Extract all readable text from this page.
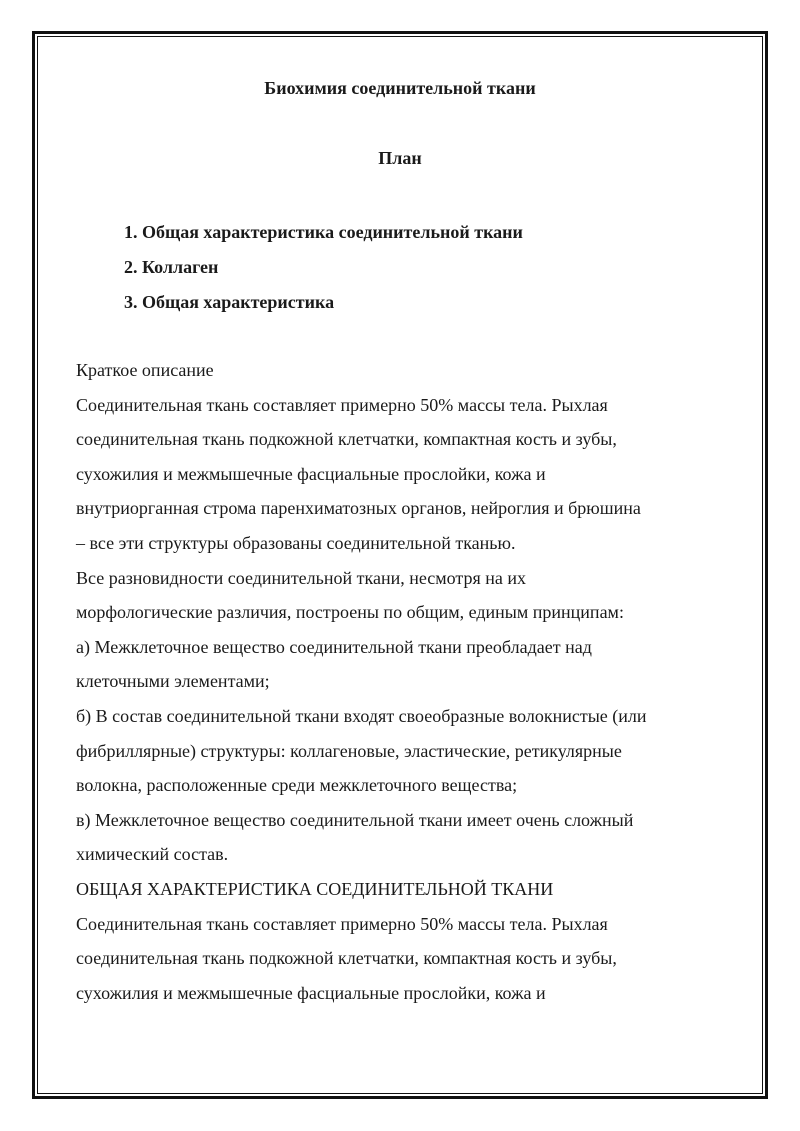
Биохимия соединительной ткани
План
1. Общая характеристика соединительной ткани
2. Коллаген
3. Общая характеристика

Краткое описание

Соединительная ткань составляет примерно 50% массы тела. Рыхлая

соединительная ткань подкожной клетчатки, компактная кость и зубы,

сухожилия и межмышечные фасциальные прослойки, кожа и

внутриорганная строма паренхиматозных органов, нейроглия и брюшина

– все эти структуры образованы соединительной тканью.

Все разновидности соединительной ткани, несмотря на их

морфологические различия, построены по общим, единым принципам:

а) Межклеточное вещество соединительной ткани преобладает над

клеточными элементами;

б) В состав соединительной ткани входят своеобразные волокнистые (или

фибриллярные) структуры: коллагеновые, эластические, ретикулярные

волокна, расположенные среди межклеточного вещества;

в) Межклеточное вещество соединительной ткани имеет очень сложный

химический состав.

ОБЩАЯ ХАРАКТЕРИСТИКА СОЕДИНИТЕЛЬНОЙ ТКАНИ

Соединительная ткань составляет примерно 50% массы тела. Рыхлая

соединительная ткань подкожной клетчатки, компактная кость и зубы,

сухожилия и межмышечные фасциальные прослойки, кожа и
